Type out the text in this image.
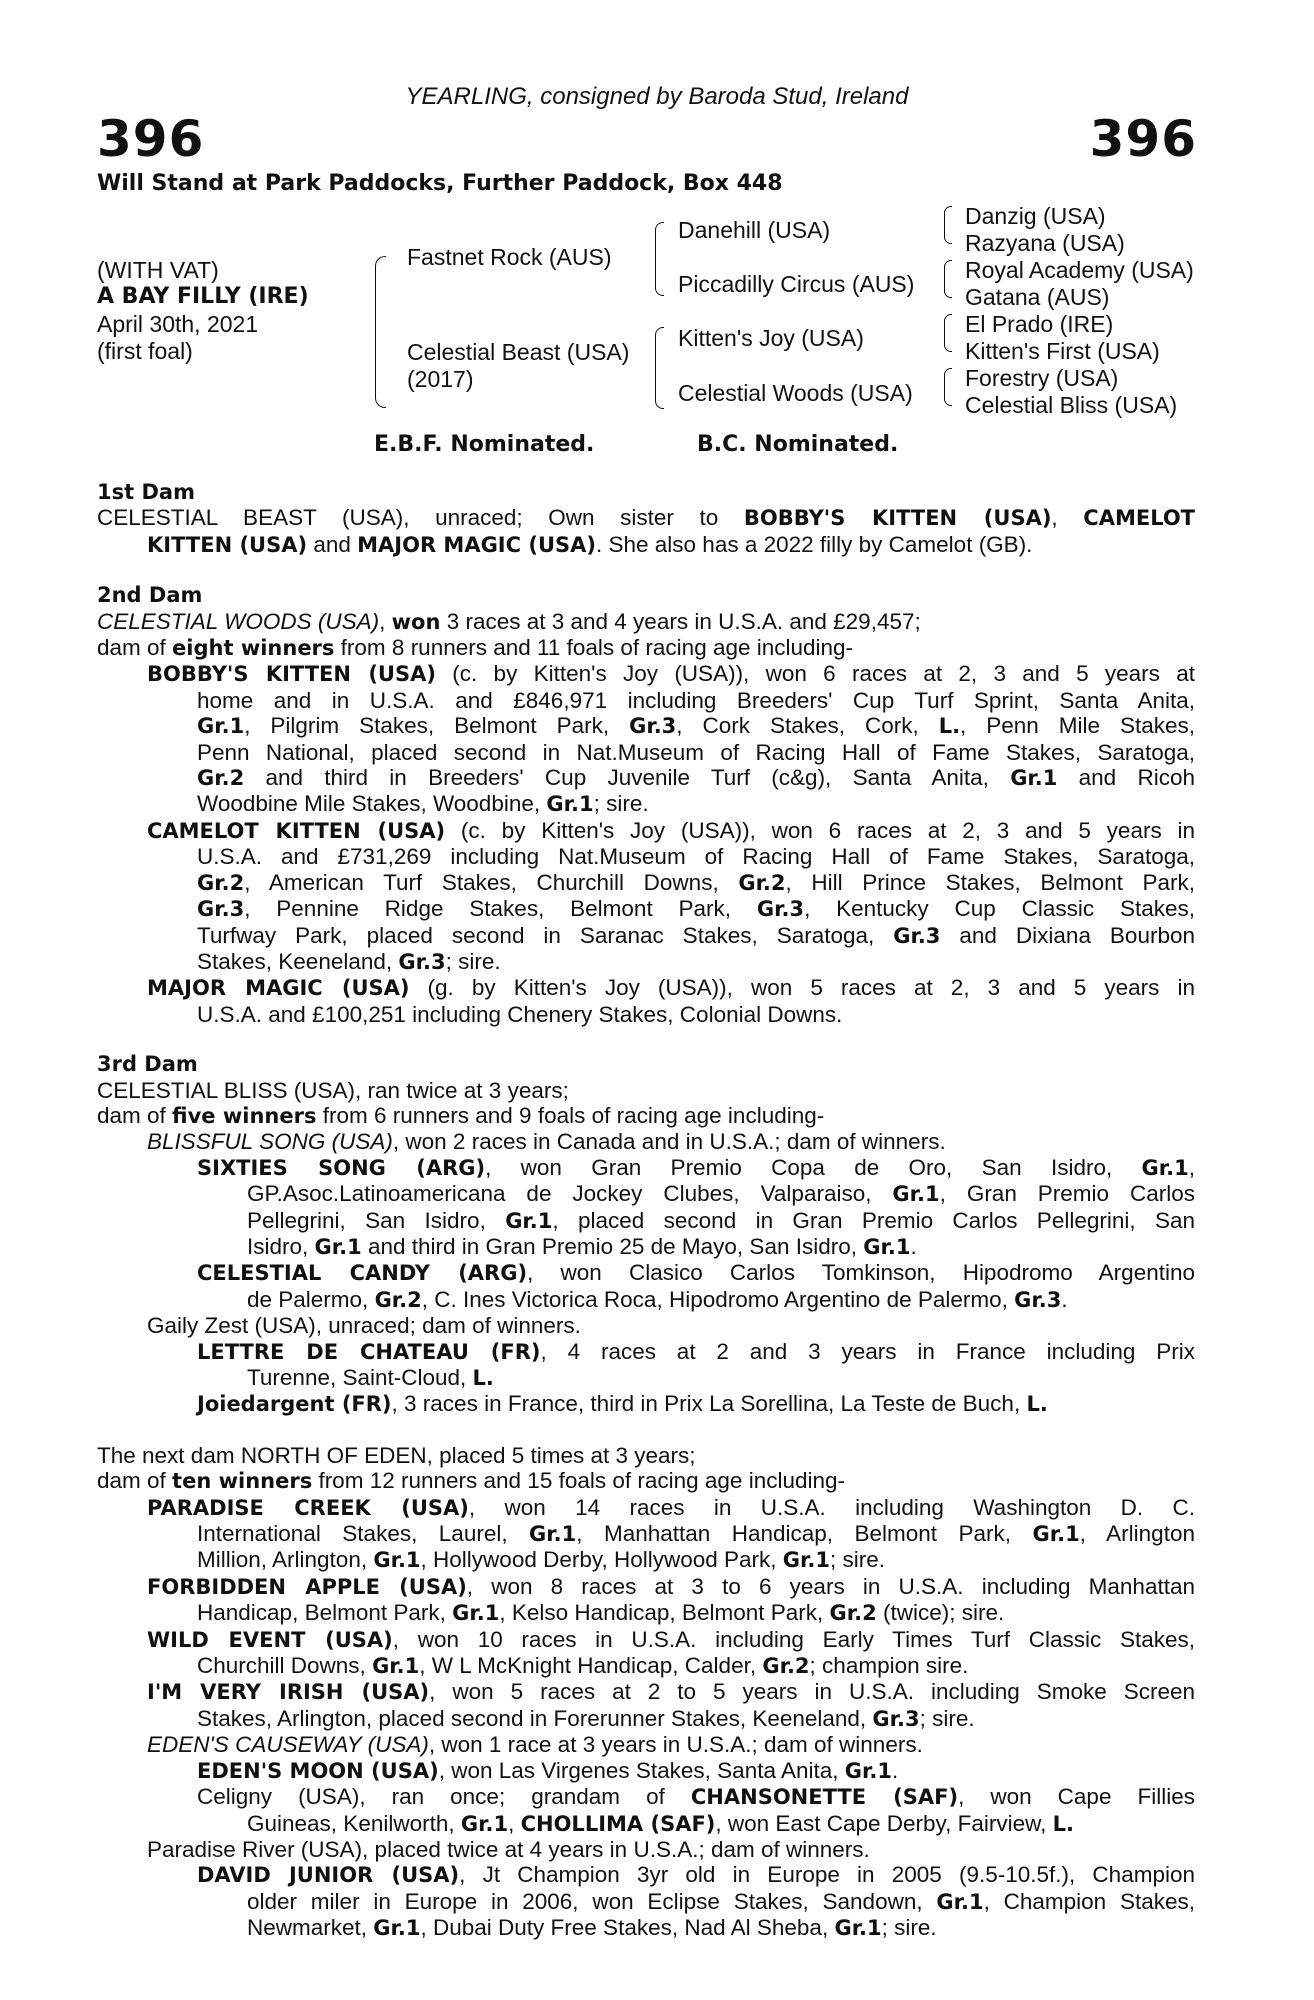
396	396
YEARLING, consigned by Baroda Stud, Ireland
Will Stand at Park Paddocks, Further Paddock, Box 448
(WITH VAT)
A BAY FILLY (IRE)
April 30th, 2021
(first foal)
Fastnet Rock (AUS)
Celestial Beast (USA)
(2017)
Danehill (USA)
Piccadilly Circus (AUS)
Kitten's Joy (USA)
Celestial Woods (USA)
Danzig (USA)
Razyana (USA)
Royal Academy (USA)
Gatana (AUS)
El Prado (IRE)
Kitten's First (USA)
Forestry (USA)
Celestial Bliss (USA)
E.B.F. Nominated.	B.C. Nominated.

1st Dam

CELESTIAL BEAST (USA), unraced; Own sister to BOBBY'S KITTEN (USA), CAMELOT

KITTEN (USA) and MAJOR MAGIC (USA). She also has a 2022 filly by Camelot (GB).

2nd Dam

CELESTIAL WOODS (USA), won 3 races at 3 and 4 years in U.S.A. and £29,457;

dam of eight winners from 8 runners and 11 foals of racing age including-

BOBBY'S KITTEN (USA) (c. by Kitten's Joy (USA)), won 6 races at 2, 3 and 5 years at

home and in U.S.A. and £846,971 including Breeders' Cup Turf Sprint, Santa Anita,

Gr.1, Pilgrim Stakes, Belmont Park, Gr.3, Cork Stakes, Cork, L., Penn Mile Stakes,

Penn National, placed second in Nat.Museum of Racing Hall of Fame Stakes, Saratoga,

Gr.2 and third in Breeders' Cup Juvenile Turf (c&g), Santa Anita, Gr.1 and Ricoh

Woodbine Mile Stakes, Woodbine, Gr.1; sire.

CAMELOT KITTEN (USA) (c. by Kitten's Joy (USA)), won 6 races at 2, 3 and 5 years in

U.S.A. and £731,269 including Nat.Museum of Racing Hall of Fame Stakes, Saratoga,

Gr.2, American Turf Stakes, Churchill Downs, Gr.2, Hill Prince Stakes, Belmont Park,

Gr.3, Pennine Ridge Stakes, Belmont Park, Gr.3, Kentucky Cup Classic Stakes,

Turfway Park, placed second in Saranac Stakes, Saratoga, Gr.3 and Dixiana Bourbon

Stakes, Keeneland, Gr.3; sire.

MAJOR MAGIC (USA) (g. by Kitten's Joy (USA)), won 5 races at 2, 3 and 5 years in

U.S.A. and £100,251 including Chenery Stakes, Colonial Downs.

3rd Dam

CELESTIAL BLISS (USA), ran twice at 3 years;

dam of five winners from 6 runners and 9 foals of racing age including-

BLISSFUL SONG (USA), won 2 races in Canada and in U.S.A.; dam of winners.

SIXTIES SONG (ARG), won Gran Premio Copa de Oro, San Isidro, Gr.1,

GP.Asoc.Latinoamericana de Jockey Clubes, Valparaiso, Gr.1, Gran Premio Carlos

Pellegrini, San Isidro, Gr.1, placed second in Gran Premio Carlos Pellegrini, San

Isidro, Gr.1 and third in Gran Premio 25 de Mayo, San Isidro, Gr.1.

CELESTIAL CANDY (ARG), won Clasico Carlos Tomkinson, Hipodromo Argentino

de Palermo, Gr.2, C. Ines Victorica Roca, Hipodromo Argentino de Palermo, Gr.3.

Gaily Zest (USA), unraced; dam of winners.

LETTRE DE CHATEAU (FR), 4 races at 2 and 3 years in France including Prix

Turenne, Saint-Cloud, L.

Joiedargent (FR), 3 races in France, third in Prix La Sorellina, La Teste de Buch, L.

The next dam NORTH OF EDEN, placed 5 times at 3 years;

dam of ten winners from 12 runners and 15 foals of racing age including-

PARADISE CREEK (USA), won 14 races in U.S.A. including Washington D. C.

International Stakes, Laurel, Gr.1, Manhattan Handicap, Belmont Park, Gr.1, Arlington

Million, Arlington, Gr.1, Hollywood Derby, Hollywood Park, Gr.1; sire.

FORBIDDEN APPLE (USA), won 8 races at 3 to 6 years in U.S.A. including Manhattan

Handicap, Belmont Park, Gr.1, Kelso Handicap, Belmont Park, Gr.2 (twice); sire.

WILD EVENT (USA), won 10 races in U.S.A. including Early Times Turf Classic Stakes,

Churchill Downs, Gr.1, W L McKnight Handicap, Calder, Gr.2; champion sire.

I'M VERY IRISH (USA), won 5 races at 2 to 5 years in U.S.A. including Smoke Screen

Stakes, Arlington, placed second in Forerunner Stakes, Keeneland, Gr.3; sire.

EDEN'S CAUSEWAY (USA), won 1 race at 3 years in U.S.A.; dam of winners.

EDEN'S MOON (USA), won Las Virgenes Stakes, Santa Anita, Gr.1.

Celigny (USA), ran once; grandam of CHANSONETTE (SAF), won Cape Fillies

Guineas, Kenilworth, Gr.1, CHOLLIMA (SAF), won East Cape Derby, Fairview, L.

Paradise River (USA), placed twice at 4 years in U.S.A.; dam of winners.

DAVID JUNIOR (USA), Jt Champion 3yr old in Europe in 2005 (9.5-10.5f.), Champion

older miler in Europe in 2006, won Eclipse Stakes, Sandown, Gr.1, Champion Stakes,

Newmarket, Gr.1, Dubai Duty Free Stakes, Nad Al Sheba, Gr.1; sire.
